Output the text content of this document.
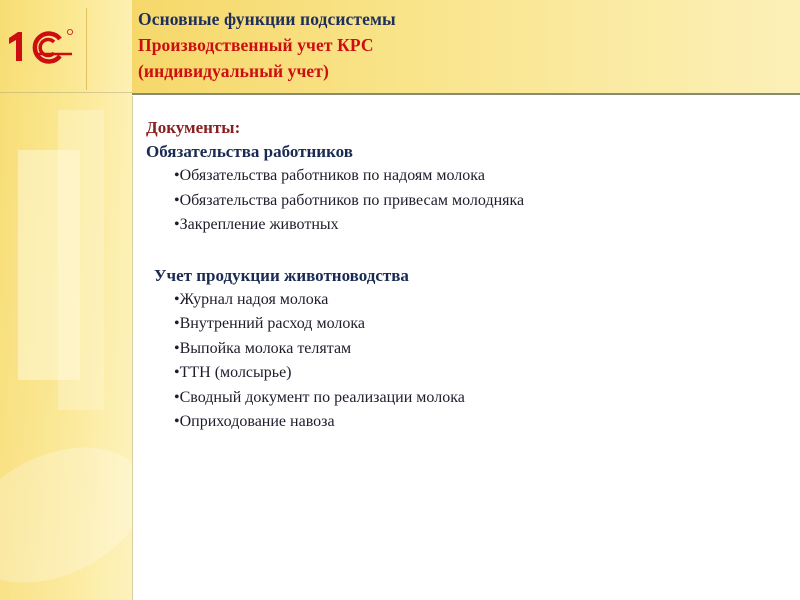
Основные функции подсистемы
Производственный учет КРС
(индивидуальный учет)
Документы:
Обязательства работников
•Обязательства работников по надоям молока
•Обязательства работников по привесам молодняка
•Закрепление животных
Учет продукции животноводства
•Журнал надоя молока
•Внутренний расход молока
•Выпойка молока телятам
•ТТН (молсырье)
•Сводный документ по реализации молока
•Оприходование навоза
